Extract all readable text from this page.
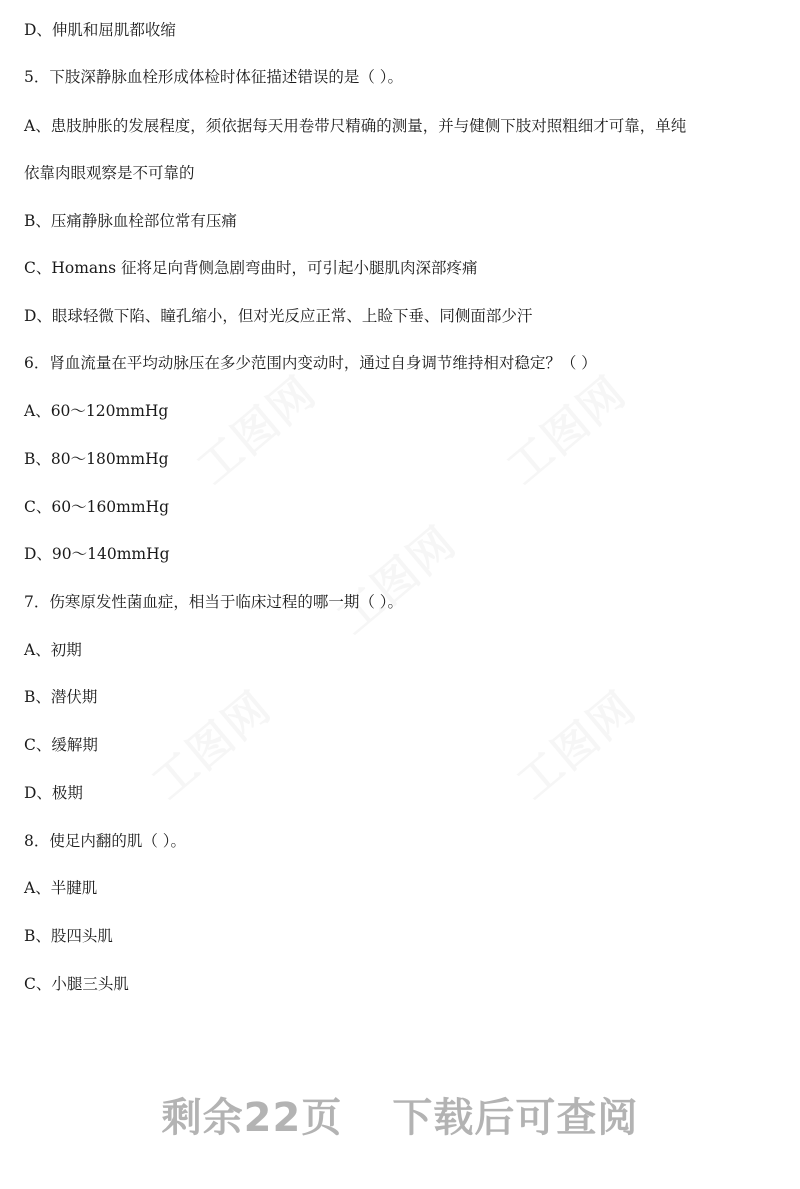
D、伸肌和屈肌都收缩
5．下肢深静脉血栓形成体检时体征描述错误的是（ ）。
A、患肢肿胀的发展程度，须依据每天用卷带尺精确的测量，并与健侧下肢对照粗细才可靠，单纯
依靠肉眼观察是不可靠的
B、压痛静脉血栓部位常有压痛
C、Homans 征将足向背侧急剧弯曲时，可引起小腿肌肉深部疼痛
D、眼球轻微下陷、瞳孔缩小，但对光反应正常、上睑下垂、同侧面部少汗
6．肾血流量在平均动脉压在多少范围内变动时，通过自身调节维持相对稳定？（ ）
A、60～120mmHg
B、80～180mmHg
C、60～160mmHg
D、90～140mmHg
7．伤寒原发性菌血症，相当于临床过程的哪一期（ ）。
A、初期
B、潜伏期
C、缓解期
D、极期
8．使足内翻的肌（ ）。
A、半腱肌
B、股四头肌
C、小腿三头肌
剩余22页 下载后可查阅
